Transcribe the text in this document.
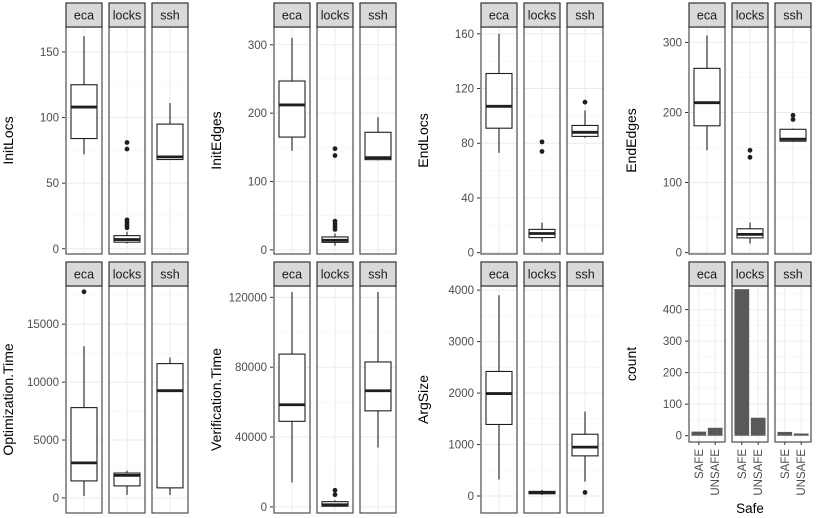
InitLocs
0
50
100
150
eca locks ssh
InitEdges
0
100
200
300
eca locks ssh
EndLocs
0
40
80
120
160
eca locks ssh
EndEdges
0
100
200
300
eca locks ssh
Optimization.Time
0
5000
10000
15000
eca locks ssh
Verification.Time
0
40000
80000
120000
eca locks ssh
ArgSize
0
1000
2000
3000
4000
eca locks ssh
count
0
100
200
300
400
SAFE UNSAFE
eca
SAFE UNSAFE
locks
SAFE UNSAFE
ssh
Safe
